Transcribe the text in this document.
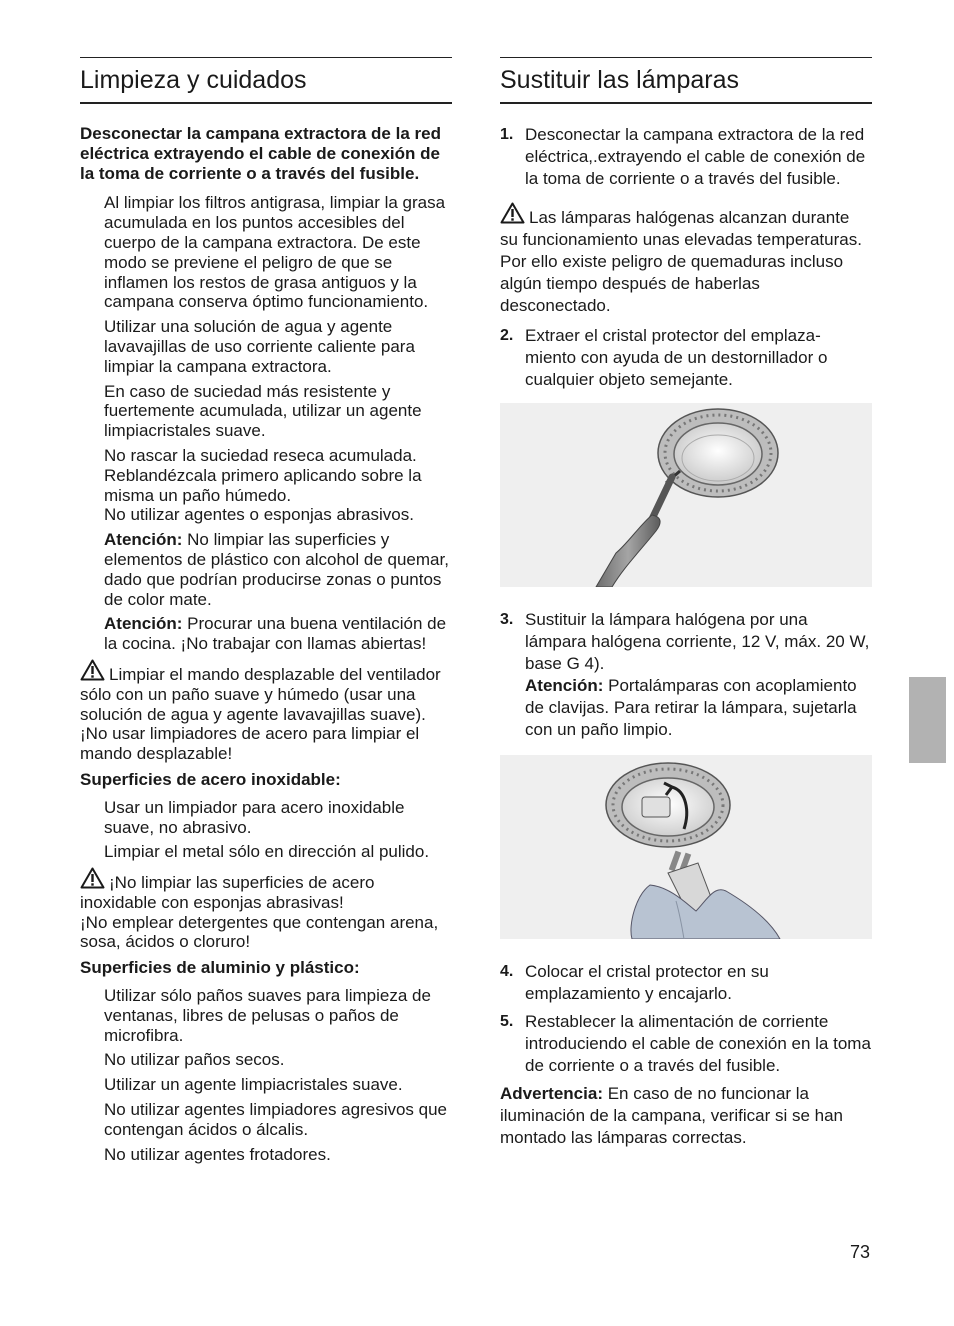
Limpieza y cuidados

Desconectar la campana extractora de la red eléctrica extrayendo el cable de conexión de la toma de corriente o a través del fusible.

Al limpiar los filtros antigrasa, limpiar la grasa acumulada en los puntos accesibles del cuerpo de la campana extractora. De este modo se previene el peligro de que se inflamen los restos de grasa antiguos y la campana conserva óptimo funcionamiento.

Utilizar una solución de agua y agente lavavajillas de uso corriente caliente para limpiar la campana extractora.

En caso de suciedad más resistente y fuertemente acumulada, utilizar un agente limpiacristales suave.

No rascar la suciedad reseca acumulada. Reblandézcala primero aplicando sobre la misma un paño húmedo.

No utilizar agentes o esponjas abrasivos.

Atención: No limpiar las superficies y elementos de plástico con alcohol de quemar, dado que podrían producirse zonas o puntos de color mate.

Atención: Procurar una buena ventilación de la cocina. ¡No trabajar con llamas abiertas!

Limpiar el mando desplazable del ventilador sólo con un paño suave y húmedo (usar una solución de agua y agente lavavajillas suave).

¡No usar limpiadores de acero para limpiar el mando desplazable!

Superficies de acero inoxidable:

Usar un limpiador para acero inoxidable suave, no abrasivo.

Limpiar el metal sólo en dirección al pulido.

¡No limpiar las superficies de acero inoxidable con esponjas abrasivas!

¡No emplear detergentes que contengan arena, sosa, ácidos o cloruro!

Superficies de aluminio y plástico:

Utilizar sólo paños suaves para limpieza de ventanas, libres de pelusas o paños de microfibra.

No utilizar paños secos.

Utilizar un agente limpiacristales suave.

No utilizar agentes limpiadores agresivos que contengan ácidos o álcalis.

No utilizar agentes frotadores.

Sustituir las lámparas
1. Desconectar la campana extractora de la red eléctrica,.extrayendo el cable de conexión de la toma de corriente o a través del fusible.

Las lámparas halógenas alcanzan durante su funcionamiento unas elevadas temperaturas. Por ello existe peligro de quemaduras incluso algún tiempo después de haberlas desconectado.

2. Extraer el cristal protector del emplaza- miento con ayuda de un destornillador o cualquier objeto semejante.

3. Sustituir la lámpara halógena por una lámpara halógena corriente, 12 V, máx. 20 W, base G 4).

Atención: Portalámparas con acoplamiento de clavijas. Para retirar la lámpara, sujetarla con un paño limpio.

4. Colocar el cristal protector en su emplazamiento y encajarlo.

5. Restablecer la alimentación de corriente introduciendo el cable de conexión en la toma de corriente o a través del fusible.

Advertencia: En caso de no funcionar la iluminación de la campana, verificar si se han montado las lámparas correctas.

73
